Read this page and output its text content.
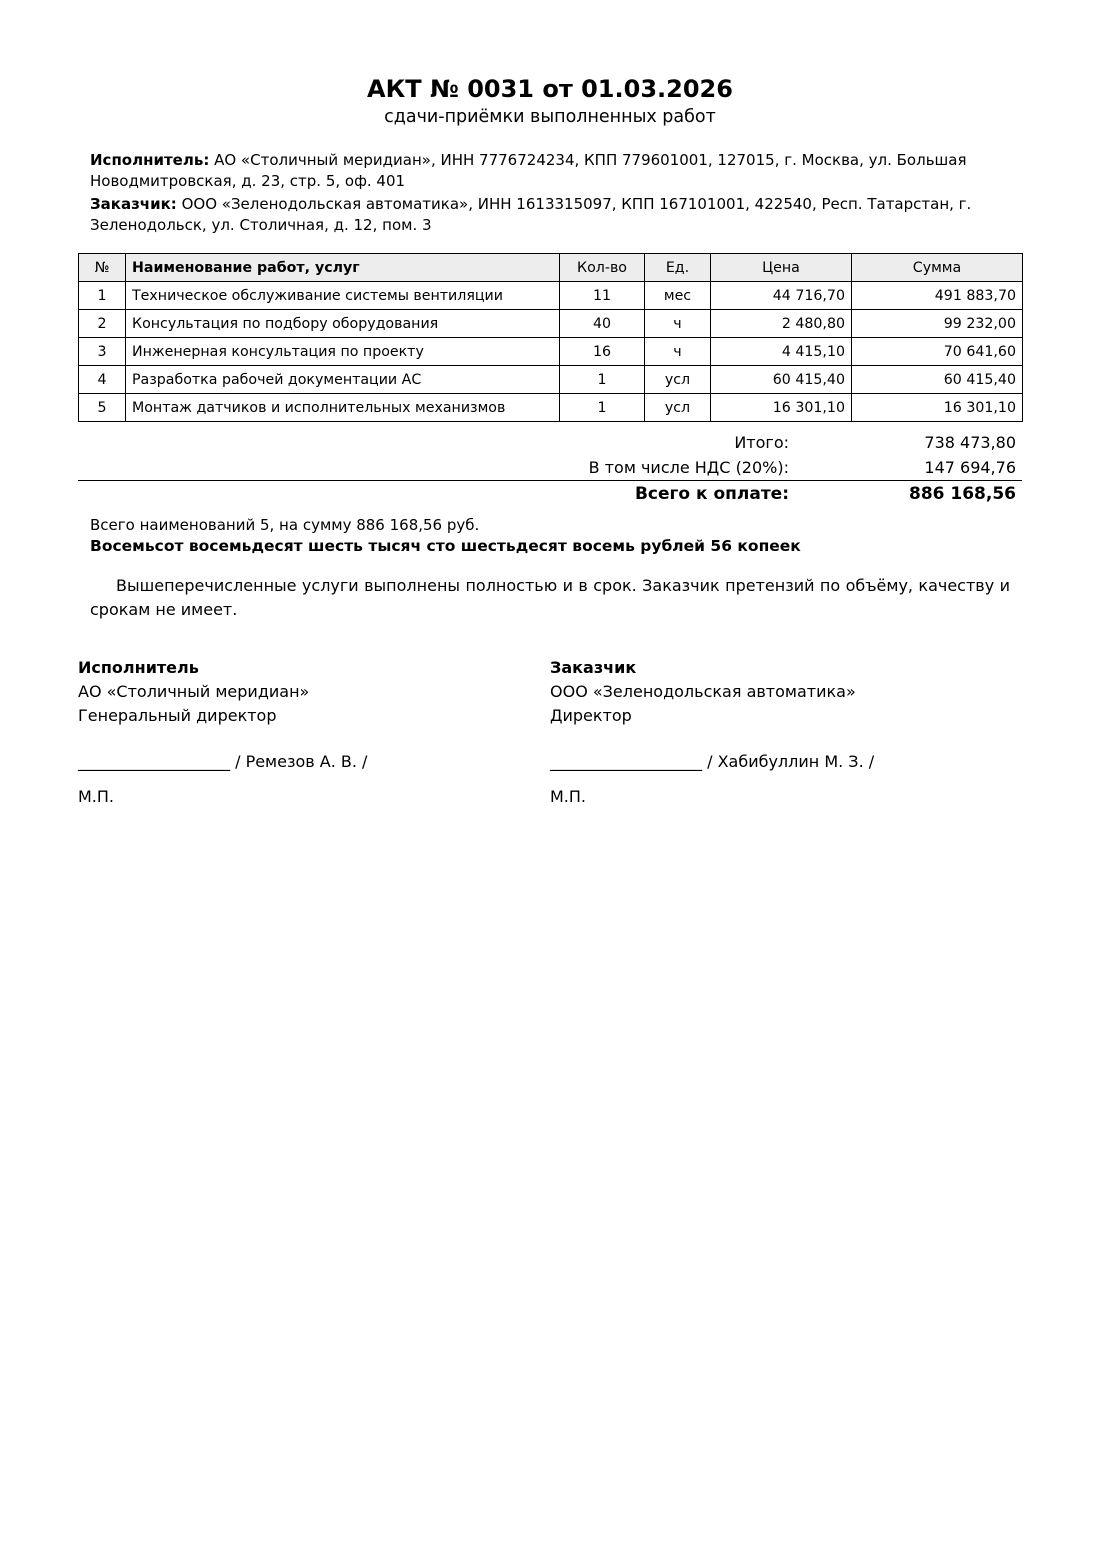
АКТ № 0031 от 01.03.2026
сдачи-приёмки выполненных работ
Исполнитель: АО «Столичный меридиан», ИНН 7776724234, КПП 779601001, 127015, г. Москва, ул. Большая Новодмитровская, д. 23, стр. 5, оф. 401
Заказчик: ООО «Зеленодольская автоматика», ИНН 1613315097, КПП 167101001, 422540, Респ. Татарстан, г. Зеленодольск, ул. Столичная, д. 12, пом. 3
№	Наименование работ, услуг	Кол-во	Ед.	Цена	Сумма
1	Техническое обслуживание системы вентиляции	11	мес	44 716,70	491 883,70
2	Консультация по подбору оборудования	40	ч	2 480,80	99 232,00
3	Инженерная консультация по проекту	16	ч	4 415,10	70 641,60
4	Разработка рабочей документации АС	1	усл	60 415,40	60 415,40
5	Монтаж датчиков и исполнительных механизмов	1	усл	16 301,10	16 301,10
Итого:	738 473,80
В том числе НДС (20%):	147 694,76
Всего к оплате:	886 168,56
Всего наименований 5, на сумму 886 168,56 руб.
Восемьсот восемьдесят шесть тысяч сто шестьдесят восемь рублей 56 копеек
Вышеперечисленные услуги выполнены полностью и в срок. Заказчик претензий по объёму, качеству и срокам не имеет.
Исполнитель
АО «Столичный меридиан»
Генеральный директор
___________________ / Ремезов А. В. /
М.П.
Заказчик
ООО «Зеленодольская автоматика»
Директор
___________________ / Хабибуллин М. З. /
М.П.
